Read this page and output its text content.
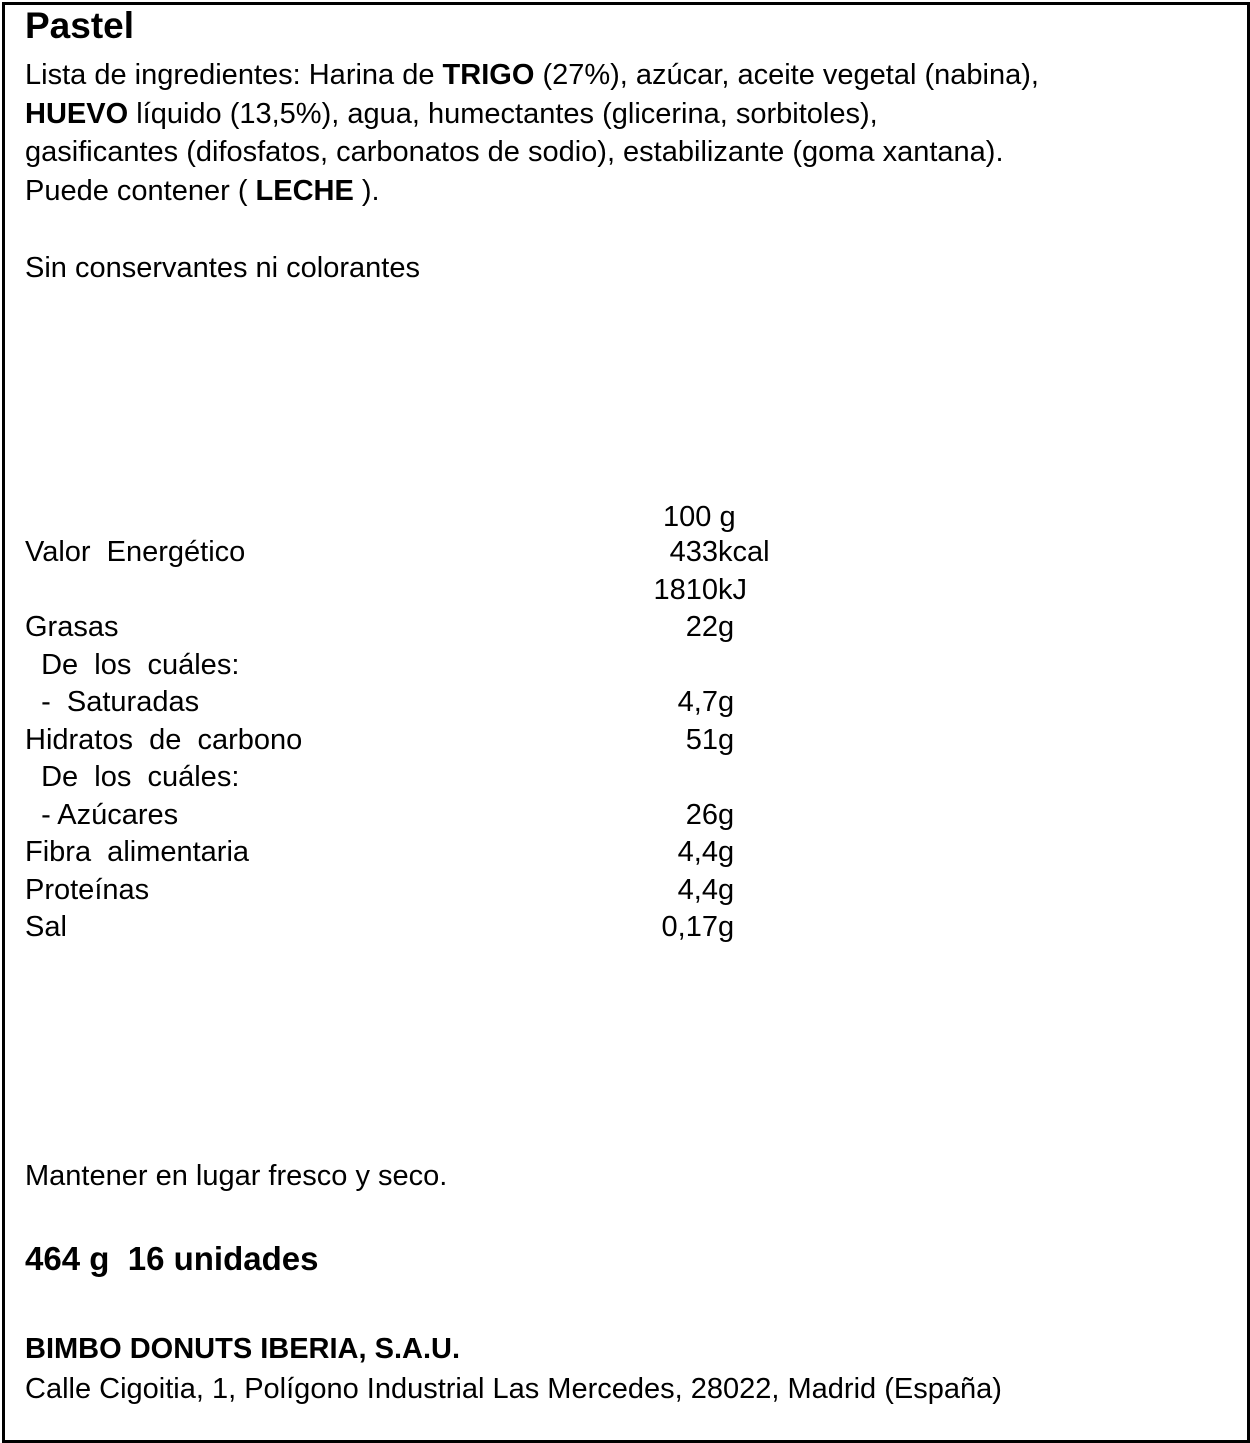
Pastel
Lista de ingredientes: Harina de TRIGO (27%), azúcar, aceite vegetal (nabina),
HUEVO líquido (13,5%), agua, humectantes (glicerina, sorbitoles),
gasificantes (difosfatos, carbonatos de sodio), estabilizante (goma xantana).
Puede contener ( LECHE ).
Sin conservantes ni colorantes
100 g
Valor  Energético	433 kcal
1810 kJ
Grasas	22 g
De  los  cuáles:
-  Saturadas	4,7 g
Hidratos  de  carbono	51 g
De  los  cuáles:
- Azúcares	26 g
Fibra  alimentaria	4,4 g
Proteínas	4,4 g
Sal	0,17 g
Mantener en lugar fresco y seco.
464 g  16 unidades
BIMBO DONUTS IBERIA, S.A.U.
Calle Cigoitia, 1, Polígono Industrial Las Mercedes, 28022, Madrid (España)
